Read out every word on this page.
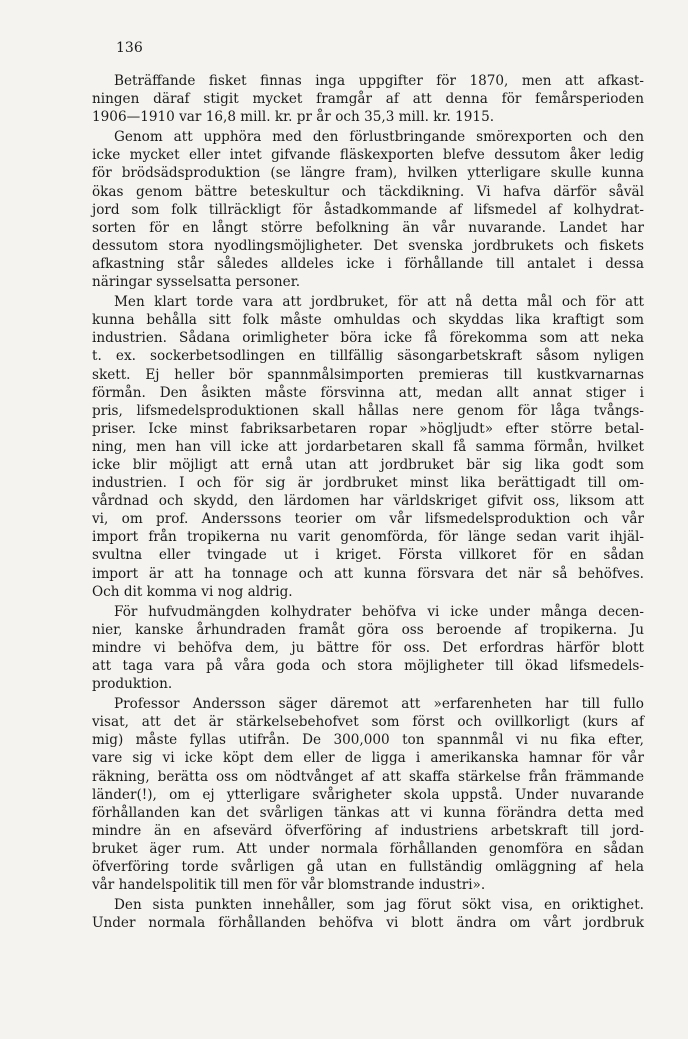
136

Beträffande fisket finnas inga uppgifter för 1870, men att afkast-
ningen däraf stigit mycket framgår af att denna för femårsperioden
1906—1910 var 16,8 mill. kr. pr år och 35,3 mill. kr. 1915.

Genom att upphöra med den förlustbringande smörexporten och den
icke mycket eller intet gifvande fläskexporten blefve dessutom åker ledig
för brödsädsproduktion (se längre fram), hvilken ytterligare skulle kunna
ökas genom bättre beteskultur och täckdikning. Vi hafva därför såväl
jord som folk tillräckligt för åstadkommande af lifsmedel af kolhydrat-
sorten för en långt större befolkning än vår nuvarande. Landet har
dessutom stora nyodlingsmöjligheter. Det svenska jordbrukets och fiskets
afkastning står således alldeles icke i förhållande till antalet i dessa
näringar sysselsatta personer.

Men klart torde vara att jordbruket, för att nå detta mål och för att
kunna behålla sitt folk måste omhuldas och skyddas lika kraftigt som
industrien. Sådana orimligheter böra icke få förekomma som att neka
t. ex. sockerbetsodlingen en tillfällig säsongarbetskraft såsom nyligen
skett. Ej heller bör spannmålsimporten premieras till kustkvarnarnas
förmån. Den åsikten måste försvinna att, medan allt annat stiger i
pris, lifsmedelsproduktionen skall hållas nere genom för låga tvångs-
priser. Icke minst fabriksarbetaren ropar »högljudt» efter större betal-
ning, men han vill icke att jordarbetaren skall få samma förmån, hvilket
icke blir möjligt att ernå utan att jordbruket bär sig lika godt som
industrien. I och för sig är jordbruket minst lika berättigadt till om-
vårdnad och skydd, den lärdomen har världskriget gifvit oss, liksom att
vi, om prof. Anderssons teorier om vår lifsmedelsproduktion och vår
import från tropikerna nu varit genomförda, för länge sedan varit ihjäl-
svultna eller tvingade ut i kriget. Första villkoret för en sådan
import är att ha tonnage och att kunna försvara det när så behöfves.
Och dit komma vi nog aldrig.

För hufvudmängden kolhydrater behöfva vi icke under många decen-
nier, kanske århundraden framåt göra oss beroende af tropikerna. Ju
mindre vi behöfva dem, ju bättre för oss. Det erfordras härför blott
att taga vara på våra goda och stora möjligheter till ökad lifsmedels-
produktion.

Professor Andersson säger däremot att »erfarenheten har till fullo
visat, att det är stärkelsebehofvet som först och ovillkorligt (kurs af
mig) måste fyllas utifrån. De 300,000 ton spannmål vi nu fika efter,
vare sig vi icke köpt dem eller de ligga i amerikanska hamnar för vår
räkning, berätta oss om nödtvånget af att skaffa stärkelse från främmande
länder(!), om ej ytterligare svårigheter skola uppstå. Under nuvarande
förhållanden kan det svårligen tänkas att vi kunna förändra detta med
mindre än en afsevärd öfverföring af industriens arbetskraft till jord-
bruket äger rum. Att under normala förhållanden genomföra en sådan
öfverföring torde svårligen gå utan en fullständig omläggning af hela
vår handelspolitik till men för vår blomstrande industri».

Den sista punkten innehåller, som jag förut sökt visa, en oriktighet.
Under normala förhållanden behöfva vi blott ändra om vårt jordbruk
